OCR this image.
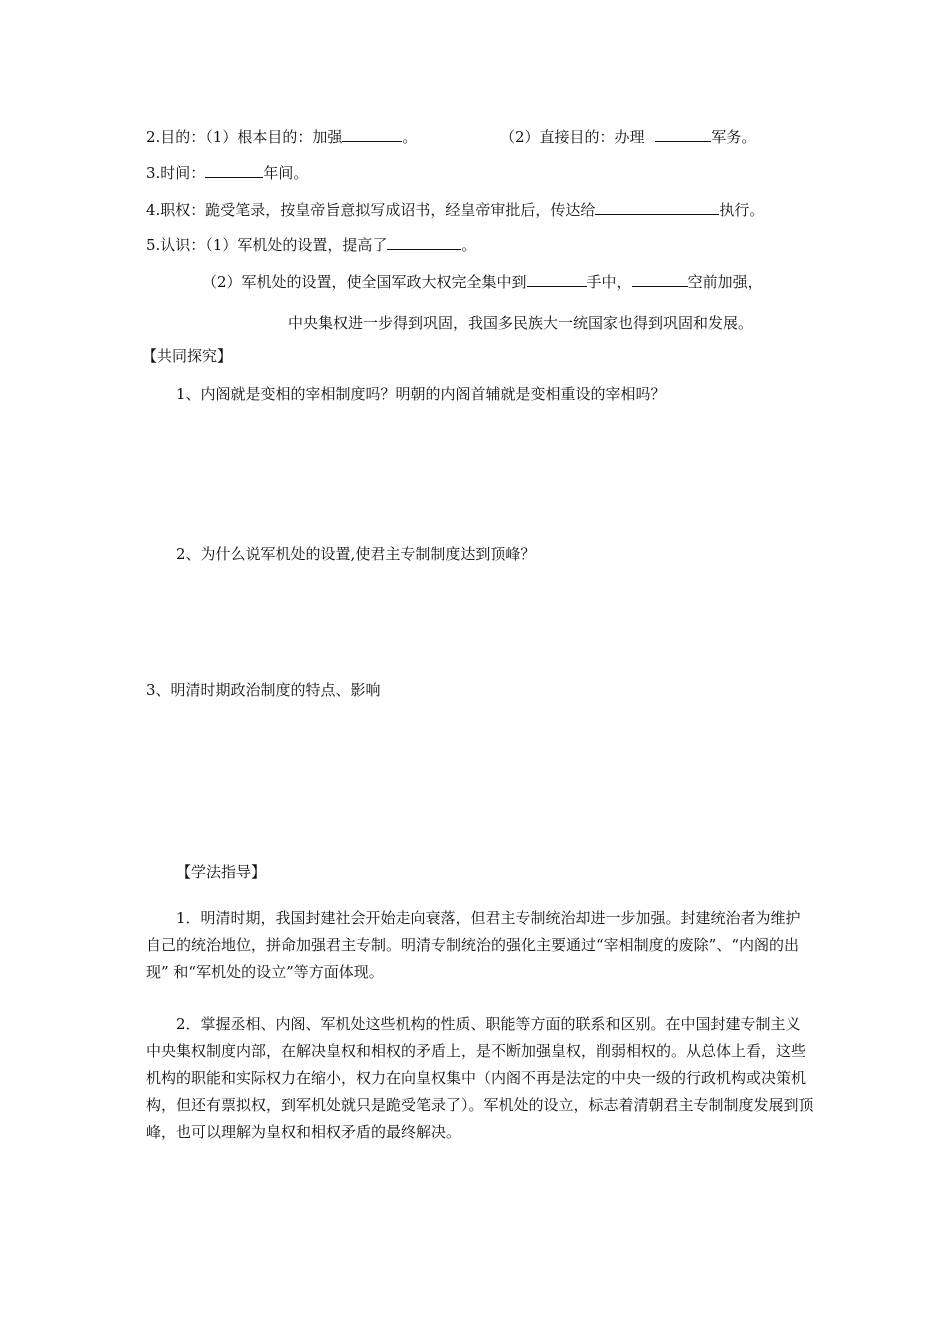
2.目的：（1）根本目的：加强	。	（2）直接目的：办理	军务。
3.时间：	年间。
4.职权：跪受笔录，按皇帝旨意拟写成诏书，经皇帝审批后，传达给	执行。
5.认识：（1）军机处的设置，提高了	。
（2）军机处的设置，使全国军政大权完全集中到	手中，	空前加强，
中央集权进一步得到巩固，我国多民族大一统国家也得到巩固和发展。
【共同探究】
1、内阁就是变相的宰相制度吗？明朝的内阁首辅就是变相重设的宰相吗？
2、为什么说军机处的设置,使君主专制制度达到顶峰？
3、明清时期政治制度的特点、影响
【学法指导】
1．明清时期，我国封建社会开始走向衰落，但君主专制统治却进一步加强。封建统治者为维护自己的统治地位，拼命加强君主专制。明清专制统治的强化主要通过“宰相制度的废除”、“内阁的出现” 和“军机处的设立”等方面体现。
2．掌握丞相、内阁、军机处这些机构的性质、职能等方面的联系和区别。在中国封建专制主义中央集权制度内部，在解决皇权和相权的矛盾上，是不断加强皇权，削弱相权的。从总体上看，这些机构的职能和实际权力在缩小，权力在向皇权集中（内阁不再是法定的中央一级的行政机构或决策机构，但还有票拟权，到军机处就只是跪受笔录了）。军机处的设立，标志着清朝君主专制制度发展到顶峰，也可以理解为皇权和相权矛盾的最终解决。
